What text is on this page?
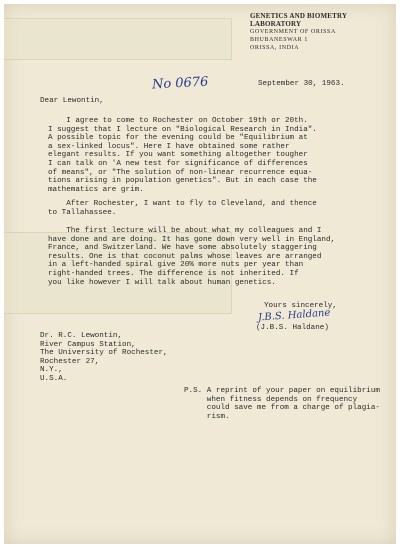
GENETICS AND BIOMETRY LABORATORY
GOVERNMENT OF ORISSA
BHUBANESWAR 1
ORISSA, INDIA
No 0676	September 30, 1963.
Dear Lewontin,
I agree to come to Rochester on October 19th or 20th.
I suggest that I lecture on "Biological Research in India".
A possible topic for the evening could be "Equilibrium at
a sex-linked locus". Here I have obtained some rather
elegant results. If you want something altogether tougher
I can talk on 'A new test for significance of differences
of means", or "The solution of non-linear recurrence equa-
tions arising in population genetics". But in each case the
mathematics are grim.
After Rochester, I want to fly to Cleveland, and thence
to Tallahassee.
The first lecture will be about what my colleagues and I
have done and are doing. It has gone down very well in England,
France, and Switzerland. We have some absolutely staggering
results. One is that coconut palms whose leaves are arranged
in a left-handed spiral give 20% more nuts per year than
right-handed trees. The difference is not inherited. If
you like however I will talk about human genetics.
Yours sincerely,
J.B.S. Haldane
(J.B.S. Haldane)
Dr. R.C. Lewontin,
River Campus Station,
The University of Rochester,
Rochester 27,
N.Y.,
U.S.A.
P.S. A reprint of your paper on equilibrium
when fitness depends on frequency
could save me from a charge of plagia-
rism.
